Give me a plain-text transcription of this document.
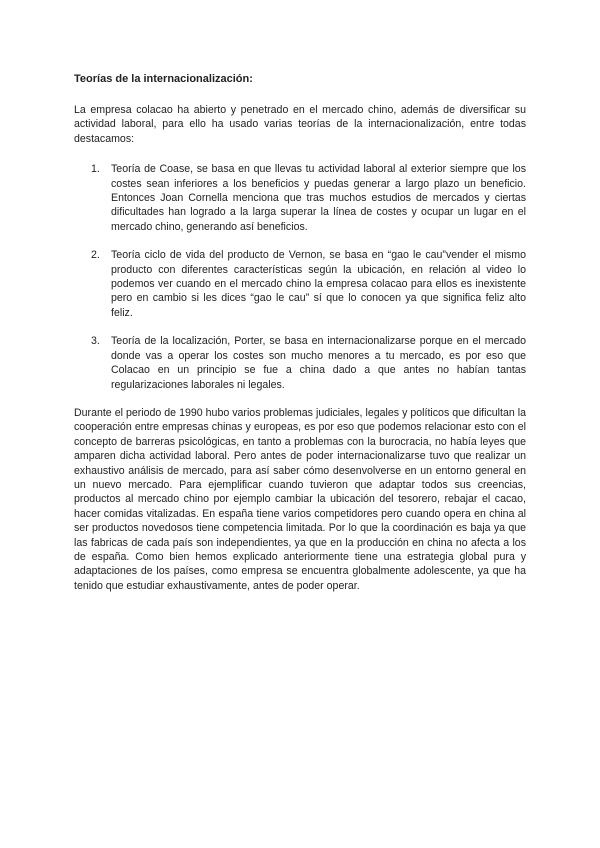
Teorías de la internacionalización:

La empresa colacao ha abierto y penetrado en el mercado chino, además de diversificar su actividad laboral, para ello ha usado varias teorías de la internacionalización, entre todas destacamos:

1. Teoría de Coase, se basa en que llevas tu actividad laboral al exterior siempre que los costes sean inferiores a los beneficios y puedas generar a largo plazo un beneficio. Entonces Joan Cornella menciona que tras muchos estudios de mercados y ciertas dificultades han logrado a la larga superar la línea de costes y ocupar un lugar en el mercado chino, generando así beneficios.

2. Teoría ciclo de vida del producto de Vernon, se basa en “gao le cau”vender el mismo producto con diferentes características según la ubicación, en relación al video lo podemos ver cuando en el mercado chino la empresa colacao para ellos es inexistente pero en cambio si les dices “gao le cau” sí que lo conocen ya que significa feliz alto feliz.

3. Teoría de la localización, Porter, se basa en internacionalizarse porque en el mercado donde vas a operar los costes son mucho menores a tu mercado, es por eso que Colacao en un principio se fue a china dado a que antes no habían tantas regularizaciones laborales ni legales.

Durante el periodo de 1990 hubo varios problemas judiciales, legales y políticos que dificultan la cooperación entre empresas chinas y europeas, es por eso que podemos relacionar esto con el concepto de barreras psicológicas, en tanto a problemas con la burocracia, no había leyes que amparen dicha actividad laboral. Pero antes de poder internacionalizarse tuvo que realizar un exhaustivo análisis de mercado, para así saber cómo desenvolverse en un entorno general en un nuevo mercado. Para ejemplificar cuando tuvieron que adaptar todos sus creencias, productos al mercado chino por ejemplo cambiar la ubicación del tesorero, rebajar el cacao, hacer comidas vitalizadas. En españa tiene varios competidores pero cuando opera en china al ser productos novedosos tiene competencia limitada. Por lo que la coordinación es baja ya que las fabricas de cada país son independientes, ya que en la producción en china no afecta a los de españa. Como bien hemos explicado anteriormente tiene una estrategia global pura y adaptaciones de los países, como empresa se encuentra globalmente adolescente, ya que ha tenido que estudiar exhaustivamente, antes de poder operar.
